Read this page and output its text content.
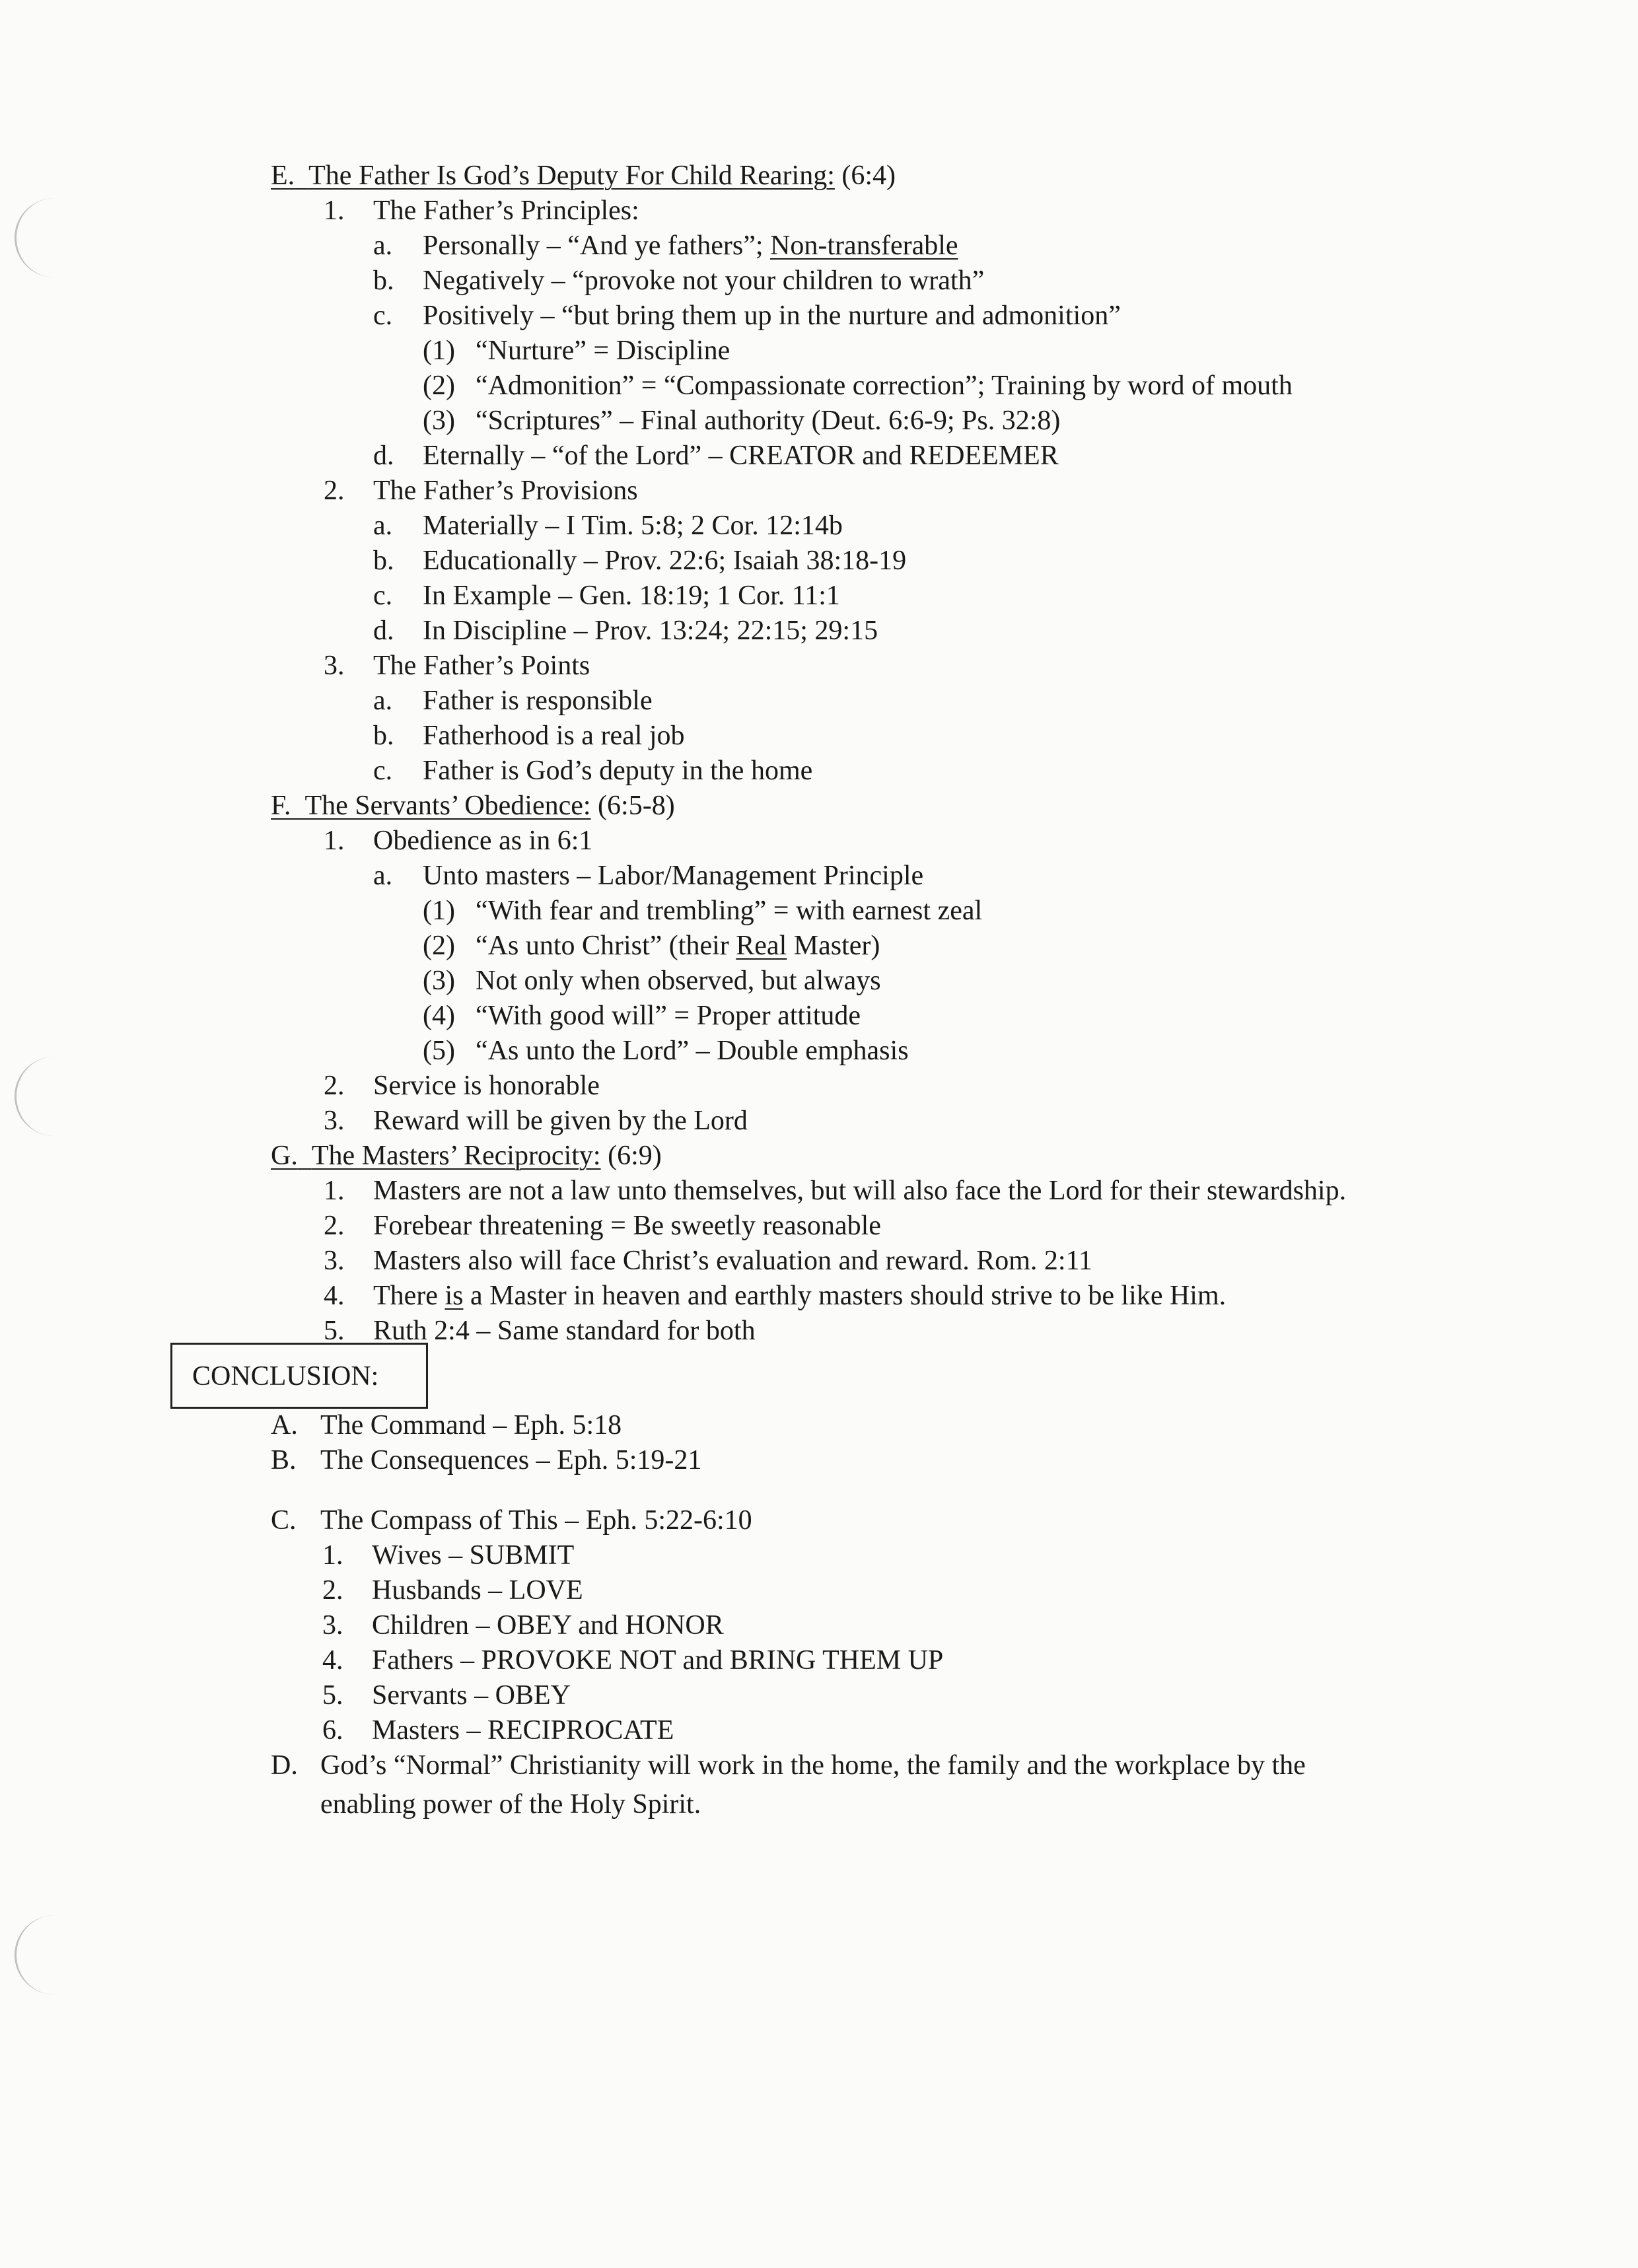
E. The Father Is God’s Deputy For Child Rearing: (6:4)
1. The Father’s Principles:
a. Personally – “And ye fathers”; Non-transferable
b. Negatively – “provoke not your children to wrath”
c. Positively – “but bring them up in the nurture and admonition”
(1) “Nurture” = Discipline
(2) “Admonition” = “Compassionate correction”; Training by word of mouth
(3) “Scriptures” – Final authority (Deut. 6:6-9; Ps. 32:8)
d. Eternally – “of the Lord” – CREATOR and REDEEMER
2. The Father’s Provisions
a. Materially – I Tim. 5:8; 2 Cor. 12:14b
b. Educationally – Prov. 22:6; Isaiah 38:18-19
c. In Example – Gen. 18:19; 1 Cor. 11:1
d. In Discipline – Prov. 13:24; 22:15; 29:15
3. The Father’s Points
a. Father is responsible
b. Fatherhood is a real job
c. Father is God’s deputy in the home
F. The Servants’ Obedience: (6:5-8)
1. Obedience as in 6:1
a. Unto masters – Labor/Management Principle
(1) “With fear and trembling” = with earnest zeal
(2) “As unto Christ” (their Real Master)
(3) Not only when observed, but always
(4) “With good will” = Proper attitude
(5) “As unto the Lord” – Double emphasis
2. Service is honorable
3. Reward will be given by the Lord
G. The Masters’ Reciprocity: (6:9)
1. Masters are not a law unto themselves, but will also face the Lord for their stewardship.
2. Forebear threatening = Be sweetly reasonable
3. Masters also will face Christ’s evaluation and reward. Rom. 2:11
4. There is a Master in heaven and earthly masters should strive to be like Him.
5. Ruth 2:4 – Same standard for both
CONCLUSION:
A. The Command – Eph. 5:18
B. The Consequences – Eph. 5:19-21
C. The Compass of This – Eph. 5:22-6:10
1. Wives – SUBMIT
2. Husbands – LOVE
3. Children – OBEY and HONOR
4. Fathers – PROVOKE NOT and BRING THEM UP
5. Servants – OBEY
6. Masters – RECIPROCATE
D. God’s “Normal” Christianity will work in the home, the family and the workplace by the
enabling power of the Holy Spirit.
